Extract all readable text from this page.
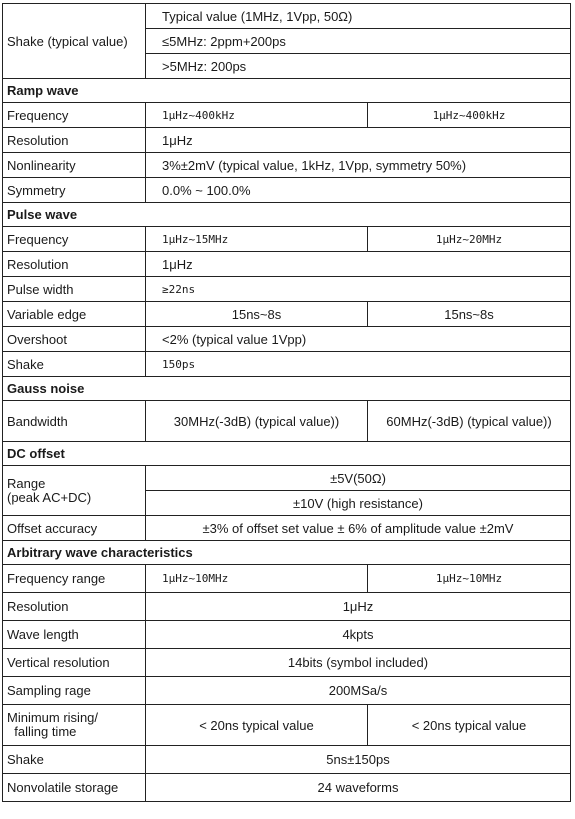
Shake (typical value)	Typical value (1MHz, 1Vpp, 50Ω)	
	≤5MHz: 2ppm+200ps	
	>5MHz: 200ps	
Ramp wave		
Frequency	1μHz~400kHz	1μHz~400kHz
Resolution	1μHz	
Nonlinearity	3%±2mV (typical value, 1kHz, 1Vpp, symmetry 50%)	
Symmetry	0.0% ~ 100.0%	
Pulse wave		
Frequency	1μHz~15MHz	1μHz~20MHz
Resolution	1μHz	
Pulse width	≥22ns	
Variable edge	15ns~8s	15ns~8s
Overshoot	<2% (typical value 1Vpp)	
Shake	150ps	
Gauss noise		
Bandwidth	30MHz(-3dB) (typical value))	60MHz(-3dB) (typical value))
DC offset		
Range
(peak AC+DC)	±5V(50Ω)	
	±10V (high resistance)	
Offset accuracy	±3% of offset set value ± 6% of amplitude value ±2mV	
Arbitrary wave characteristics		
Frequency range	1μHz~10MHz	1μHz~10MHz
Resolution	1μHz	
Wave length	4kpts	
Vertical resolution	14bits (symbol included)	
Sampling rage	200MSa/s	
Minimum rising/
falling time	< 20ns typical value	< 20ns typical value
Shake	5ns±150ps	
Nonvolatile storage	24 waveforms	
